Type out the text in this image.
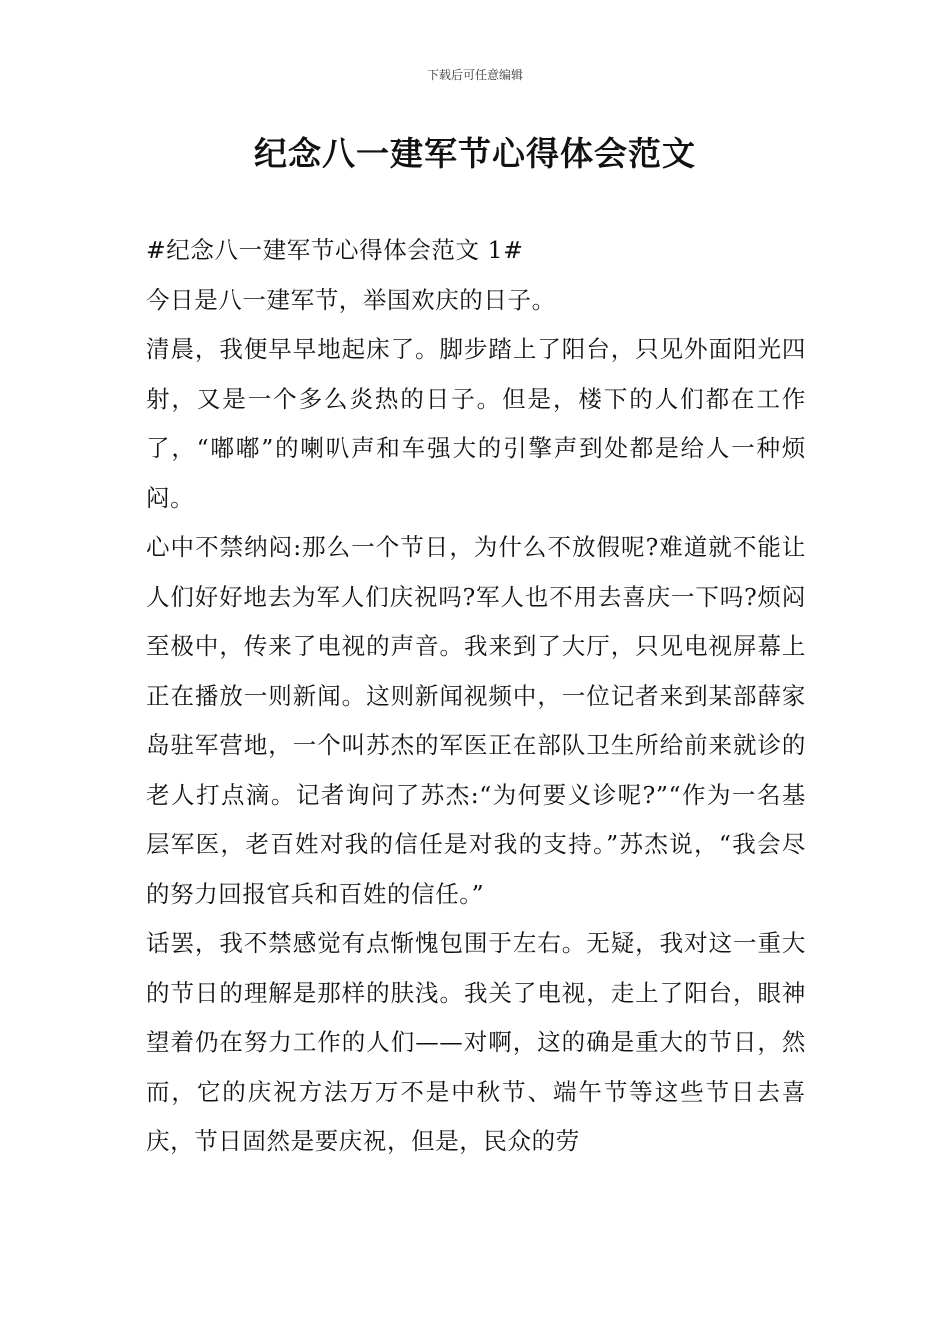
下载后可任意编辑
纪念八一建军节心得体会范文

#纪念八一建军节心得体会范文 1#

今日是八一建军节，举国欢庆的日子。

清晨，我便早早地起床了。脚步踏上了阳台，只见外面阳光四射，又是一个多么炎热的日子。但是，楼下的人们都在工作了，“嘟嘟”的喇叭声和车强大的引擎声到处都是给人一种烦闷。

心中不禁纳闷:那么一个节日，为什么不放假呢?难道就不能让人们好好地去为军人们庆祝吗?军人也不用去喜庆一下吗?烦闷至极中，传来了电视的声音。我来到了大厅，只见电视屏幕上正在播放一则新闻。这则新闻视频中，一位记者来到某部薛家岛驻军营地，一个叫苏杰的军医正在部队卫生所给前来就诊的老人打点滴。记者询问了苏杰:“为何要义诊呢?”“作为一名基层军医，老百姓对我的信任是对我的支持。”苏杰说，“我会尽的努力回报官兵和百姓的信任。”

话罢，我不禁感觉有点惭愧包围于左右。无疑，我对这一重大的节日的理解是那样的肤浅。我关了电视，走上了阳台，眼神望着仍在努力工作的人们——对啊，这的确是重大的节日，然而，它的庆祝方法万万不是中秋节、端午节等这些节日去喜庆，节日固然是要庆祝，但是，民众的劳
